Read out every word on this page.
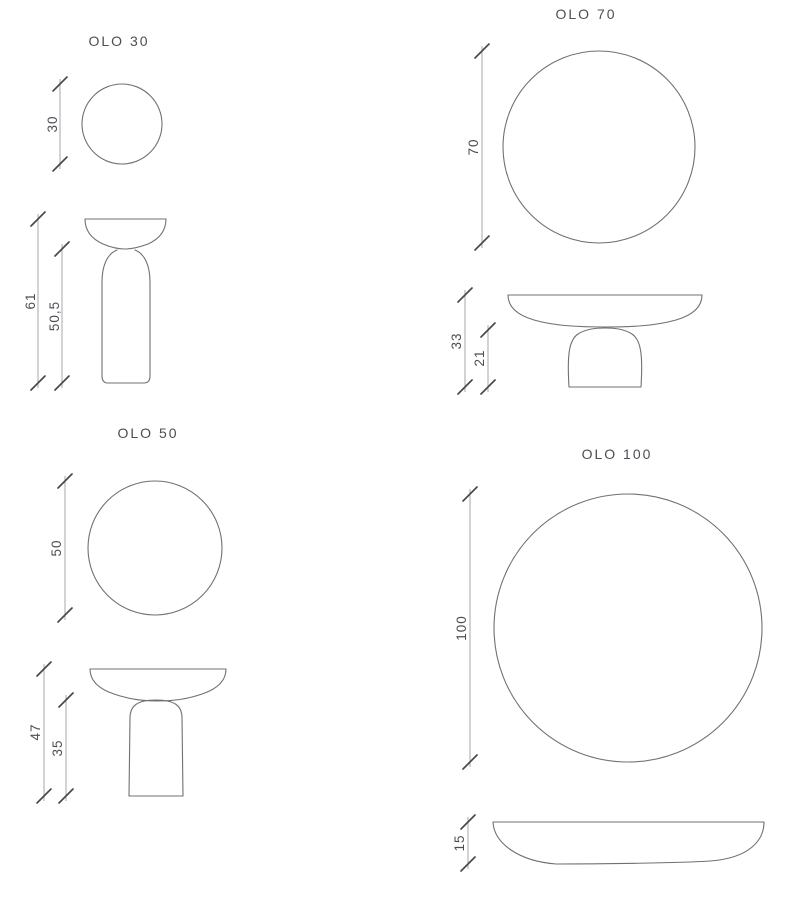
OLO 30
30
61 50,5
OLO 70
70
33
21
OLO 50
50
47
35
OLO 100
100
15
